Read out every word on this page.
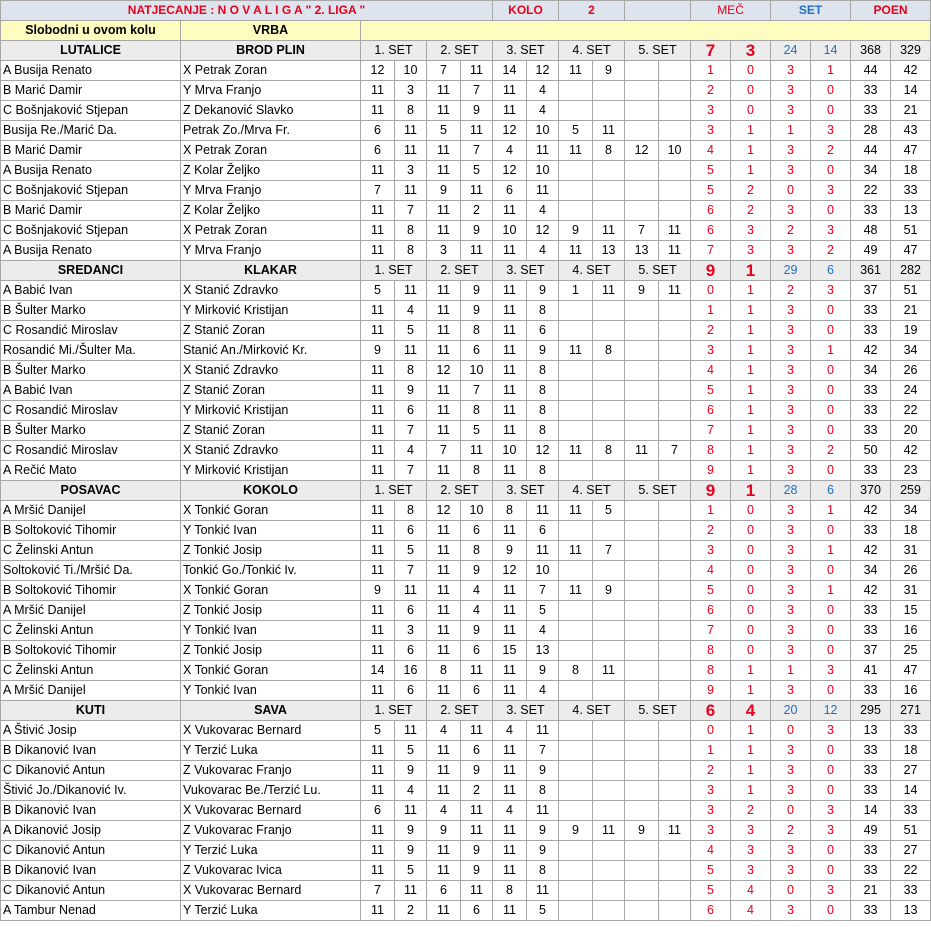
NATJECANJE : N O V A L I G A " 2. LIGA "						KOLO		2				MEČ		SET		POEN	
Slobodni u ovom kolu	VRBA																
LUTALICE	BROD PLIN	1. SET		2. SET		3. SET		4. SET		5. SET		7	3	24	14	368	329
A Busija Renato	X Petrak Zoran	12	10	7	11	14	12	11	9			1	0	3	1	44	42
B Marić Damir	Y Mrva Franjo	11	3	11	7	11	4					2	0	3	0	33	14
C Bošnjaković Stjepan	Z Dekanović Slavko	11	8	11	9	11	4					3	0	3	0	33	21
Busija Re./Marić Da.	Petrak Zo./Mrva Fr.	6	11	5	11	12	10	5	11			3	1	1	3	28	43
B Marić Damir	X Petrak Zoran	6	11	11	7	4	11	11	8	12	10	4	1	3	2	44	47
A Busija Renato	Z Kolar Željko	11	3	11	5	12	10					5	1	3	0	34	18
C Bošnjaković Stjepan	Y Mrva Franjo	7	11	9	11	6	11					5	2	0	3	22	33
B Marić Damir	Z Kolar Željko	11	7	11	2	11	4					6	2	3	0	33	13
C Bošnjaković Stjepan	X Petrak Zoran	11	8	11	9	10	12	9	11	7	11	6	3	2	3	48	51
A Busija Renato	Y Mrva Franjo	11	8	3	11	11	4	11	13	13	11	7	3	3	2	49	47
SREDANCI	KLAKAR	1. SET		2. SET		3. SET		4. SET		5. SET		9	1	29	6	361	282
A Babić Ivan	X Stanić Zdravko	5	11	11	9	11	9	1	11	9	11	0	1	2	3	37	51
B Šulter Marko	Y Mirković Kristijan	11	4	11	9	11	8					1	1	3	0	33	21
C Rosandić Miroslav	Z Stanić Zoran	11	5	11	8	11	6					2	1	3	0	33	19
Rosandić Mi./Šulter Ma.	Stanić An./Mirković Kr.	9	11	11	6	11	9	11	8			3	1	3	1	42	34
B Šulter Marko	X Stanić Zdravko	11	8	12	10	11	8					4	1	3	0	34	26
A Babić Ivan	Z Stanić Zoran	11	9	11	7	11	8					5	1	3	0	33	24
C Rosandić Miroslav	Y Mirković Kristijan	11	6	11	8	11	8					6	1	3	0	33	22
B Šulter Marko	Z Stanić Zoran	11	7	11	5	11	8					7	1	3	0	33	20
C Rosandić Miroslav	X Stanić Zdravko	11	4	7	11	10	12	11	8	11	7	8	1	3	2	50	42
A Rečić Mato	Y Mirković Kristijan	11	7	11	8	11	8					9	1	3	0	33	23
POSAVAC	KOKOLO	1. SET		2. SET		3. SET		4. SET		5. SET		9	1	28	6	370	259
A Mršić Danijel	X Tonkić Goran	11	8	12	10	8	11	11	5			1	0	3	1	42	34
B Soltoković Tihomir	Y Tonkić Ivan	11	6	11	6	11	6					2	0	3	0	33	18
C Želinski Antun	Z Tonkić Josip	11	5	11	8	9	11	11	7			3	0	3	1	42	31
Soltoković Ti./Mršić Da.	Tonkić Go./Tonkić Iv.	11	7	11	9	12	10					4	0	3	0	34	26
B Soltoković Tihomir	X Tonkić Goran	9	11	11	4	11	7	11	9			5	0	3	1	42	31
A Mršić Danijel	Z Tonkić Josip	11	6	11	4	11	5					6	0	3	0	33	15
C Želinski Antun	Y Tonkić Ivan	11	3	11	9	11	4					7	0	3	0	33	16
B Soltoković Tihomir	Z Tonkić Josip	11	6	11	6	15	13					8	0	3	0	37	25
C Želinski Antun	X Tonkić Goran	14	16	8	11	11	9	8	11			8	1	1	3	41	47
A Mršić Danijel	Y Tonkić Ivan	11	6	11	6	11	4					9	1	3	0	33	16
KUTI	SAVA	1. SET		2. SET		3. SET		4. SET		5. SET		6	4	20	12	295	271
A Štivić Josip	X Vukovarac Bernard	5	11	4	11	4	11					0	1	0	3	13	33
B Dikanović Ivan	Y Terzić Luka	11	5	11	6	11	7					1	1	3	0	33	18
C Dikanović Antun	Z Vukovarac Franjo	11	9	11	9	11	9					2	1	3	0	33	27
Štivić Jo./Dikanović Iv.	Vukovarac Be./Terzić Lu.	11	4	11	2	11	8					3	1	3	0	33	14
B Dikanović Ivan	X Vukovarac Bernard	6	11	4	11	4	11					3	2	0	3	14	33
A Dikanović Josip	Z Vukovarac Franjo	11	9	9	11	11	9	9	11	9	11	3	3	2	3	49	51
C Dikanović Antun	Y Terzić Luka	11	9	11	9	11	9					4	3	3	0	33	27
B Dikanović Ivan	Z Vukovarac Ivica	11	5	11	9	11	8					5	3	3	0	33	22
C Dikanović Antun	X Vukovarac Bernard	7	11	6	11	8	11					5	4	0	3	21	33
A Tambur Nenad	Y Terzić Luka	11	2	11	6	11	5					6	4	3	0	33	13
